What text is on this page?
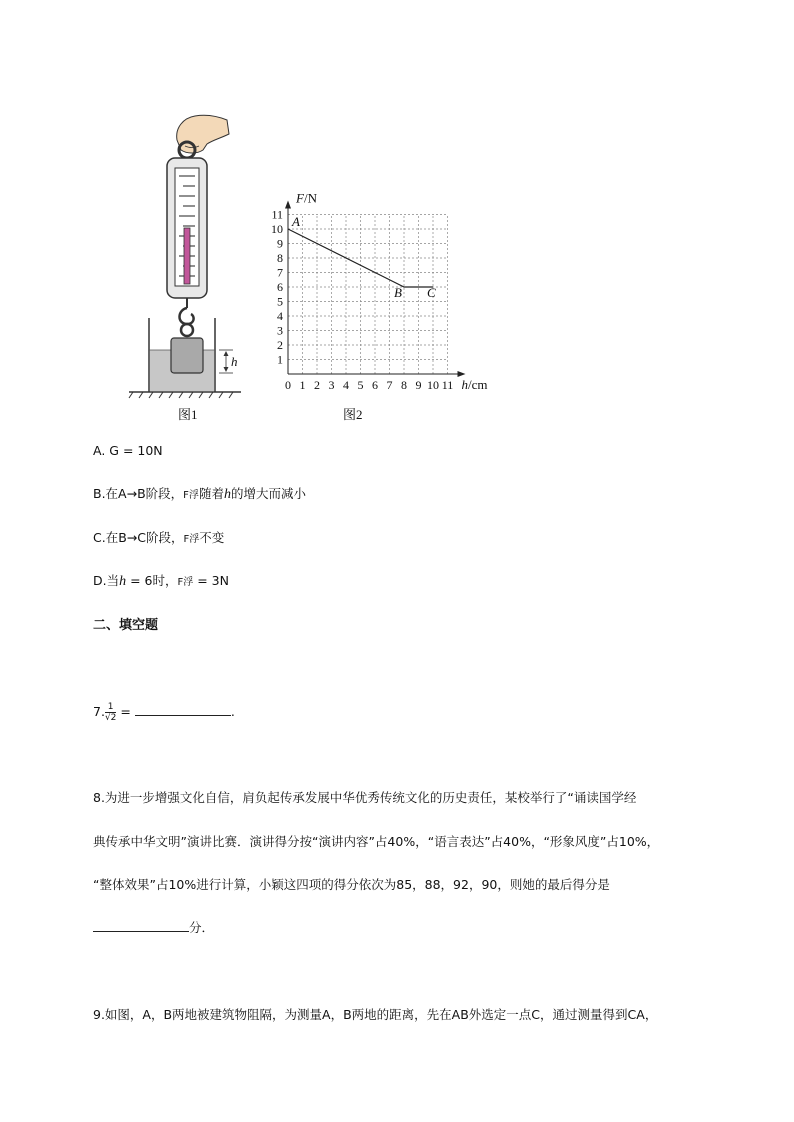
h
图1
0 1 2 3 4 5 6 7 8 9 10 11
1
2
3
4
5
6
7
8
9
10
11
F/N
h/cm
A
B C
图2
A. G = 10N
B.在A→B阶段，F浮随着h的增大而减小
C.在B→C阶段，F浮不变
D.当h = 6时，F浮 = 3N
二、填空题
7. $\frac{1}{√2}$ =	.
8.为进一步增强文化自信，肩负起传承发展中华优秀传统文化的历史责任，某校举行了“诵读国学经
典传承中华文明”演讲比赛．演讲得分按“演讲内容”占40%，“语言表达”占40%，“形象风度”占10%，
“整体效果”占10%进行计算，小颖这四项的得分依次为85，88，92，90，则她的最后得分是
分．
9.如图，A，B两地被建筑物阻隔，为测量A，B两地的距离，先在AB外选定一点C，通过测量得到CA，
